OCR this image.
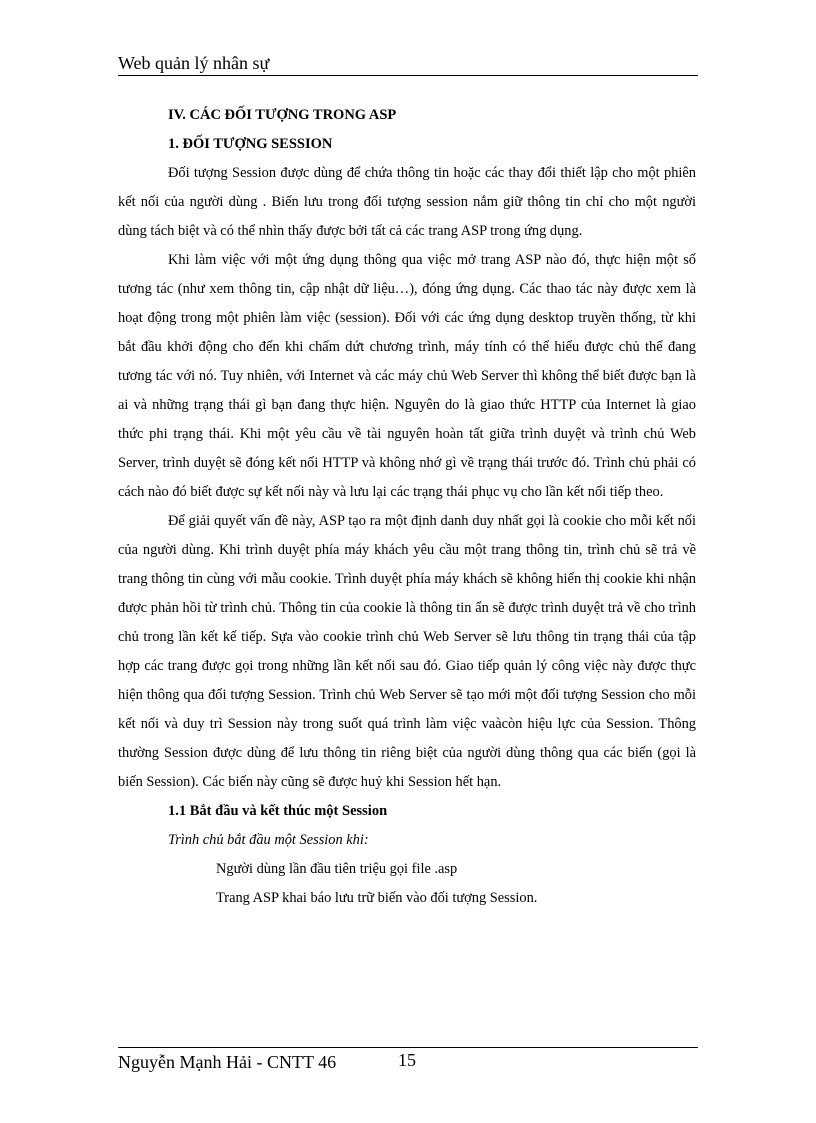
Web quản lý nhân sự

IV. CÁC ĐỐI TƯỢNG TRONG ASP

1. ĐỐI TƯỢNG SESSION

Đối tượng Session được dùng để chứa thông tin hoặc các thay đổi thiết lập cho một phiên kết nối của người dùng . Biến lưu trong đối tượng session nắm giữ thông tin chỉ cho một người dùng tách biệt và có thể nhìn thấy được bởi tất cả các trang ASP trong ứng dụng.

Khi làm việc với một ứng dụng thông qua việc mở trang ASP nào đó, thực hiện một số tương tác (như xem thông tin, cập nhật dữ liệu…), đóng ứng dụng. Các thao tác này được xem là hoạt động trong một phiên làm việc (session). Đối với các ứng dụng desktop truyền thống, từ khi bắt đầu khởi động cho đến khi chấm dứt chương trình, máy tính có thể hiểu được chủ thể đang tương tác với nó. Tuy nhiên, với Internet và các máy chủ Web Server thì không thể biết được bạn là ai và những trạng thái gì bạn đang thực hiện. Nguyên do là giao thức HTTP của Internet là giao thức phi trạng thái. Khi một yêu cầu về tài nguyên hoàn tất giữa trình duyệt và trình chủ Web Server, trình duyệt sẽ đóng kết nối HTTP và không nhớ gì về trạng thái trước đó. Trình chủ phải có cách nào đó biết được sự kết nối này và lưu lại các trạng thái phục vụ cho lần kết nối tiếp theo.

Để giải quyết vấn đề này, ASP tạo ra một định danh duy nhất gọi là cookie cho mỗi kết nối của người dùng. Khi trình duyệt phía máy khách yêu cầu một trang thông tin, trình chủ sẽ trả về trang thông tin cùng với mẫu cookie. Trình duyệt phía máy khách sẽ không hiển thị cookie khi nhận được phản hồi từ trình chủ. Thông tin của cookie là thông tin ẩn sẽ được trình duyệt trả về cho trình chủ trong lần kết kế tiếp. Sựa vào cookie trình chủ Web Server sẽ lưu thông tin trạng thái của tập hợp các trang được gọi trong những lần kết nối sau đó. Giao tiếp quản lý công việc này được thực hiện thông qua đối tượng Session. Trình chủ Web Server sẽ tạo mới một đối tượng Session cho mỗi kết nối và duy trì Session này trong suốt quá trình làm việc vaàcòn hiệu lực của Session. Thông thường Session được dùng để lưu thông tin riêng biệt của người dùng thông qua các biến (gọi là biến Session). Các biến này cũng sẽ được huỷ khi Session hết hạn.

1.1 Bắt đầu và kết thúc một Session

Trình chủ bắt đầu một Session khi:

Người dùng lần đầu tiên triệu gọi file .asp

Trang ASP khai báo lưu trữ biến vào đối tượng Session.

Nguyễn Mạnh Hải - CNTT 46	15
